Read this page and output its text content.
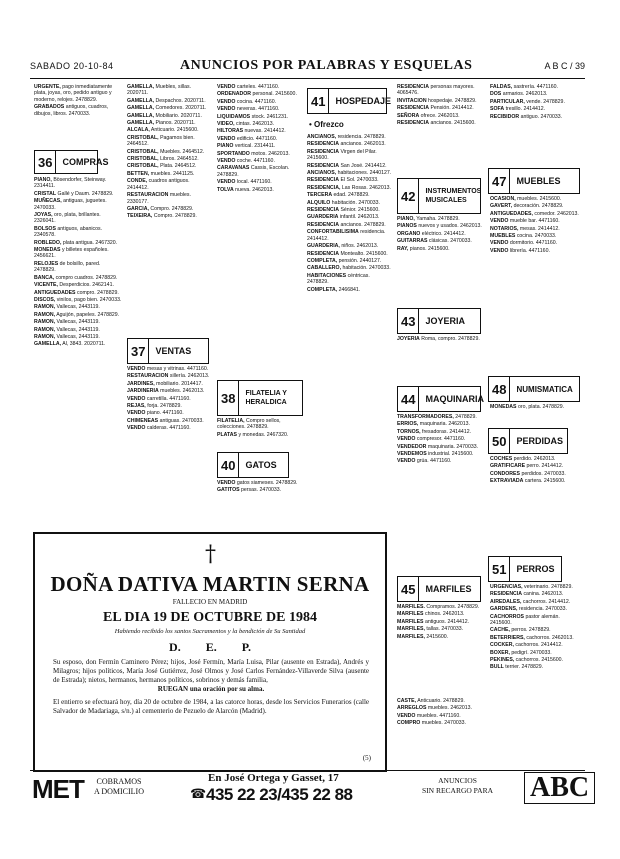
SABADO 20-10-84	ANUNCIOS POR PALABRAS Y ESQUELAS	A B C / 39

URGENTE, pago inmediatamente plata, joyas, oro, pedido antiguo y moderno, relojes. 2478829.

GRABADOS antiguos, cuadros, dibujos, libros. 2470033.

36	COMPRAS

PIANO, Bösendorfer, Steinway. 2314411.

CRISTAL Gallé y Daum. 2478829.

MUÑECAS, antiguas, juguetes. 2470033.

JOYAS, oro, plata, brillantes. 2326041.

BOLSOS antiguos, abanicos. 2340578.

ROBLEDO, plata antigua. 2467320.

MONEDAS y billetes españoles. 2456621.

RELOJES de bolsillo, pared. 2478829.

BANCA, compro cuadros. 2478829.

VICENTE, Desperdicios. 2462141.

ANTIGUEDADES compro. 2478829.

DISCOS, vinilos, pago bien. 2470033.

RAMON, Vallecas, 2443119.

RAMON, Aguijón, papeles. 2478829.

RAMON, Vallecas, 2443119.

RAMON, Vallecas, 2443119.

RAMON, Vallecas, 2443119.

GAMELLA, Al, 3843. 2020711.

GAMELLA, Muebles, sillas. 2020711.

GAMELLA, Despachos. 2020711.

GAMELLA, Comedores. 2020711.

GAMELLA, Mobiliario. 2020711.

GAMELLA, Pianos. 2020711.

ALCALA, Anticuario. 2415600.

CRISTOBAL, Pagamos bien. 2464512.

CRISTOBAL, Muebles. 2464512.

CRISTOBAL, Libros. 2464512.

CRISTOBAL, Plata. 2464512.

BETTEN, muebles. 2441125.

CONDE, cuadros antiguos. 2414412.

RESTAURACION muebles. 2330177.

GARCIA, Compro. 2478829.

TEIXEIRA, Compro. 2478829.

37	VENTAS

VENDO mesas y vitrinas. 4471160.

RESTAURACION sillería. 2462013.

JARDINES, mobiliario. 2014417.

JARDINERIA muebles. 2462013.

VENDO carretilla. 4471160.

REJAS, forja. 2478829.

VENDO piano. 4471160.

CHIMENEAS antiguas. 2470033.

VENDO calderas. 4471160.

VENDO carteles. 4471160.

ORDENADOR personal. 2415600.

VENDO cocina. 4471160.

VENDO neveras. 4471160.

LIQUIDAMOS stock. 2461231.

VIDEO, cintas. 2462013.

HILTORAS nuevas. 2414412.

VENDO edificio. 4471160.

PIANO vertical. 2314411.

SPORTANDO motos. 2462013.

VENDO coche. 4471160.

CARAVANAS Cassis, Escolan. 2478829.

VENDO local. 4471160.

TOLVA nueva. 2462013.

38	FILATELIA Y HERALDICA

FILATELIA, Compro sellos, colecciones. 2478829.

PLATAS y monedas. 2467320.

40	GATOS

VENDO gatos siameses. 2478829.

GATITOS persas. 2470033.

41	HOSPEDAJE
• Ofrezco

ANCIANOS, residencia. 2478829.

RESIDENCIA ancianos. 2462013.

RESIDENCIA Virgen del Pilar. 2415600.

RESIDENCIA San José. 2414412.

ANCIANOS, habitaciones. 2440127.

RESIDENCIA El Sol. 2470033.

RESIDENCIA, Las Rosas. 2462013.

TERCERA edad. 2478829.

ALQUILO habitación. 2470033.

RESIDENCIA Sénior. 2415600.

GUARDERIA infantil. 2462013.

RESIDENCIA ancianos. 2478829.

CONFORTABILISIMA residencia. 2414412.

GUARDERIA, niños. 2462013.

RESIDENCIA Montealto. 2415600.

COMPLETA, pensión. 2440127.

CABALLERO, habitación. 2470033.

HABITACIONES céntricas. 2478829.

COMPLETA, 2466841.

RESIDENCIA personas mayores. 4065476.

INVITACION hospedaje. 2478829.

RESIDENCIA Pensión. 2414412.

SEÑORA ofrece. 2462013.

RESIDENCIA ancianos. 2415600.

42	INSTRUMENTOS MUSICALES

PIANO, Yamaha. 2478829.

PIANOS nuevos y usados. 2462013.

ORGANO eléctrico. 2414412.

GUITARRAS clásicas. 2470033.

RAY, pianos. 2415600.

43	JOYERIA

JOYERIA Roma, compro. 2478829.

44	MAQUINARIA

TRANSFORMADORES, 2478829.

ERRIOS, maquinaria. 2462013.

TORNOS, fresadoras. 2414412.

VENDO compresor. 4471160.

VENDEDOR maquinaria. 2470033.

VENDEMOS industrial. 2415600.

VENDO grúa. 4471160.

45	MARFILES

MARFILES. Compramos. 2478829.

MARFILES chinos. 2462013.

MARFILES antiguos. 2414412.

MARFILES, tallas. 2470033.

MARFILES, 2415600.

CASTE, Anticuario. 2478829.

ARREGLOS muebles. 2462013.

VENDO muebles. 4471160.

COMPRO muebles. 2470033.

FALDAS, sastrería. 4471160.

DOS armarios. 2462013.

PARTICULAR, vende. 2478829.

SOFA tresillo. 2414412.

RECIBIDOR antiguo. 2470033.

47	MUEBLES

OCASION, muebles. 2415600.

GAVERT, decoración. 2478829.

ANTIGUEDADES, comedor. 2462013.

VENDO mueble bar. 4471160.

NOTARIOS, mesas. 2414412.

MUEBLES cocina. 2470033.

VENDO dormitorio. 4471160.

VENDO librería. 4471160.

48	NUMISMATICA

MONEDAS oro, plata. 2478829.

50	PERDIDAS

COCHES perdido. 2462013.

GRATIFICARE perro. 2414412.

CONDORES perdidos. 2470033.

EXTRAVIADA cartera. 2415600.

51	PERROS

URGENCIAS, veterinario. 2478829.

RESIDENCIA canina. 2462013.

AIREDALES, cachorros. 2414412.

GARDENS, residencia. 2470033.

CACHORROS pastor alemán. 2415600.

CACHE, perros. 2478829.

BETERRIERS, cachorros. 2462013.

COCKER, cachorros. 2414412.

BOXER, pedigrí. 2470033.

PEKINES, cachorros. 2415600.

BULL terrier. 2478829.

†
DOÑA DATIVA MARTIN SERNA
FALLECIO EN MADRID
EL DIA 19 DE OCTUBRE DE 1984
Habiendo recibido los santos Sacramentos y la bendición de Su Santidad
D. E. P.
Su esposo, don Fermín Caminero Pérez; hijos, José Fermín, María Luisa, Pilar (ausente en Estrada), Andrés y Milagros; hijos políticos, María José Gutiérrez, José Olmos y José Carlos Fernández-Villaverde Silva (ausente de Estrada); nietos, hermanos, hermanos políticos, sobrinos y demás familia,
RUEGAN una oración por su alma.
El entierro se efectuará hoy, día 20 de octubre de 1984, a las catorce horas, desde los Servicios Funerarios (calle Salvador de Madariaga, s/n.) al cementerio de Pezuelo de Alarcón (Madrid).
(5)
MET	COBRAMOS
A DOMICILIO
En José Ortega y Gasset, 17
☎ 435 22 23/435 22 88
ANUNCIOS
SIN RECARGO PARA ABC
